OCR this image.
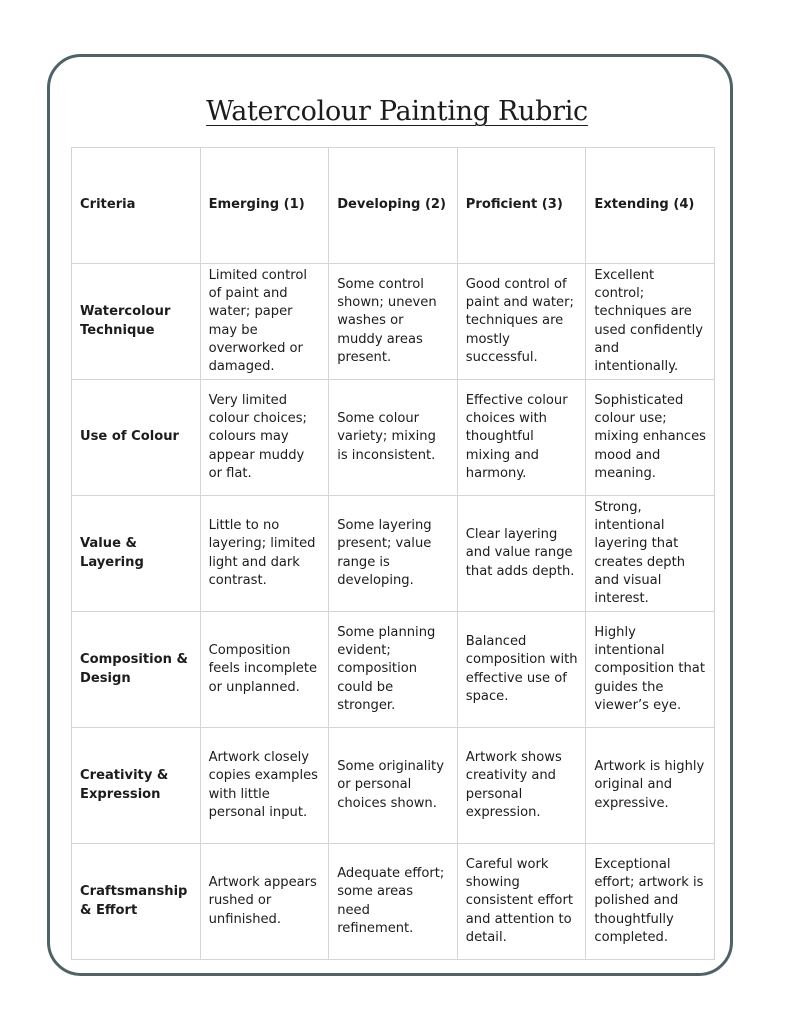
Watercolour Painting Rubric
Criteria	Emerging (1)	Developing (2)	Proficient (3)	Extending (4)
Watercolour Technique	Limited control of paint and water; paper may be overworked or damaged.	Some control shown; uneven washes or muddy areas present.	Good control of paint and water; techniques are mostly successful.	Excellent control; techniques are used confidently and intentionally.
Use of Colour	Very limited colour choices; colours may appear muddy or flat.	Some colour variety; mixing is inconsistent.	Effective colour choices with thoughtful mixing and harmony.	Sophisticated colour use; mixing enhances mood and meaning.
Value & Layering	Little to no layering; limited light and dark contrast.	Some layering present; value range is developing.	Clear layering and value range that adds depth.	Strong, intentional layering that creates depth and visual interest.
Composition & Design	Composition feels incomplete or unplanned.	Some planning evident; composition could be stronger.	Balanced composition with effective use of space.	Highly intentional composition that guides the viewer’s eye.
Creativity & Expression	Artwork closely copies examples with little personal input.	Some originality or personal choices shown.	Artwork shows creativity and personal expression.	Artwork is highly original and expressive.
Craftsmanship & Effort	Artwork appears rushed or unfinished.	Adequate effort; some areas need refinement.	Careful work showing consistent effort and attention to detail.	Exceptional effort; artwork is polished and thoughtfully completed.
